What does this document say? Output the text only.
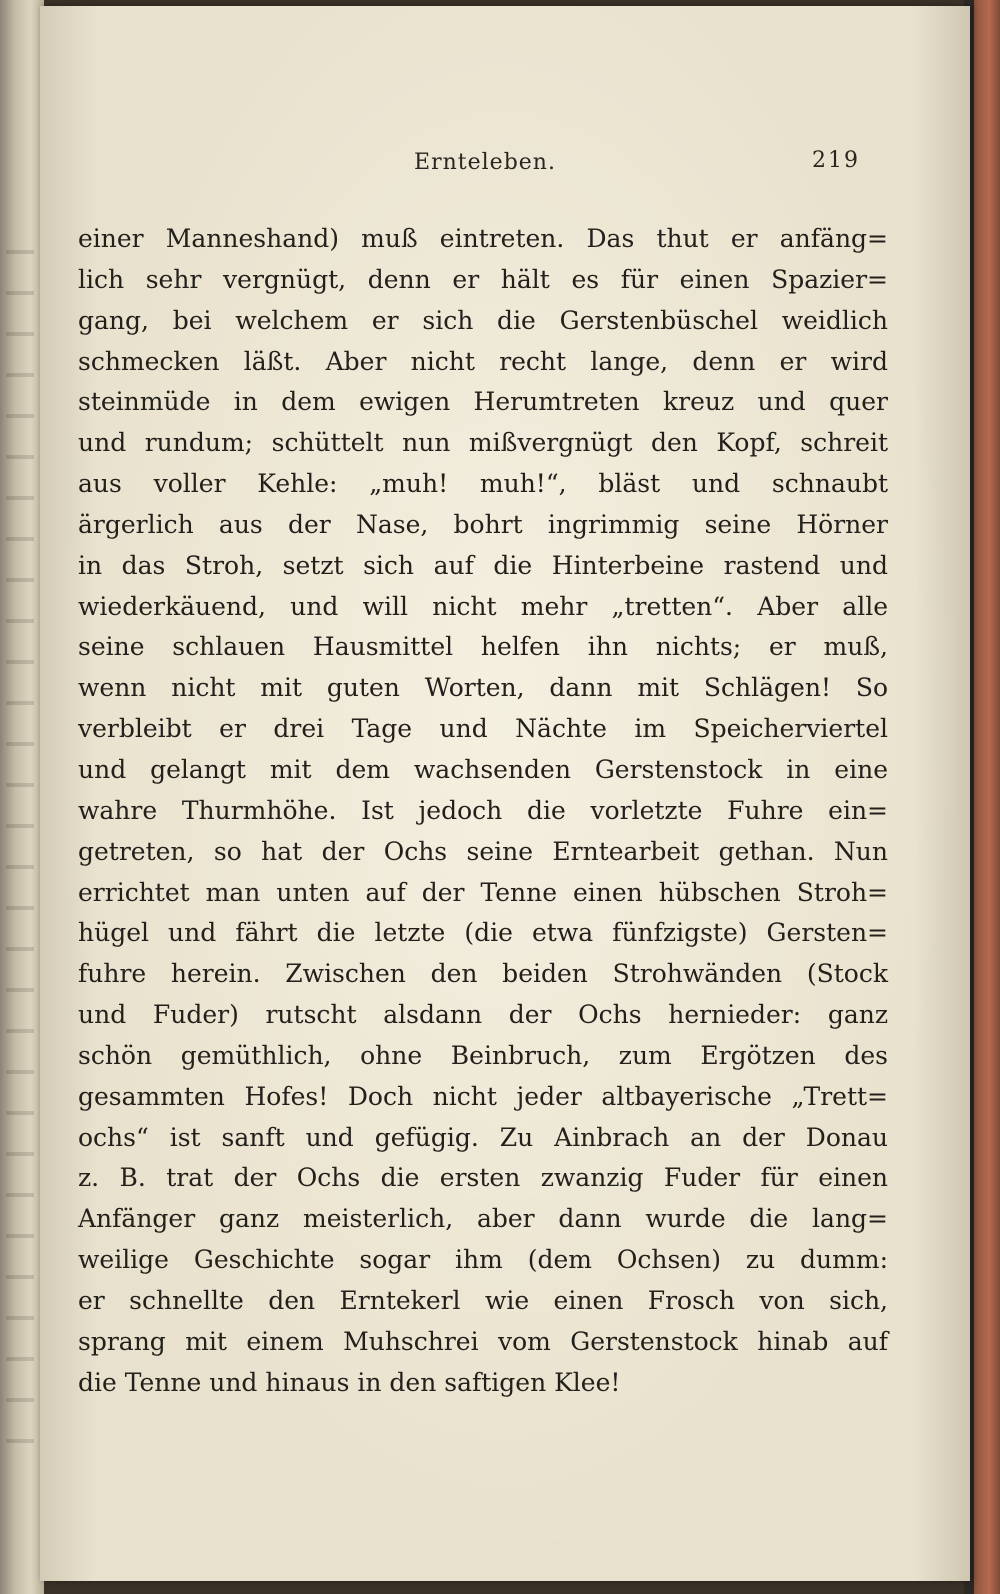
Ernteleben.	219
einer Manneshand) muß eintreten. Das thut er anfäng=
lich sehr vergnügt, denn er hält es für einen Spazier=
gang, bei welchem er sich die Gerstenbüschel weidlich
schmecken läßt. Aber nicht recht lange, denn er wird
steinmüde in dem ewigen Herumtreten kreuz und quer
und rundum; schüttelt nun mißvergnügt den Kopf, schreit
aus voller Kehle: „muh! muh!“, bläst und schnaubt
ärgerlich aus der Nase, bohrt ingrimmig seine Hörner
in das Stroh, setzt sich auf die Hinterbeine rastend und
wiederkäuend, und will nicht mehr „tretten“. Aber alle
seine schlauen Hausmittel helfen ihn nichts; er muß,
wenn nicht mit guten Worten, dann mit Schlägen! So
verbleibt er drei Tage und Nächte im Speicherviertel
und gelangt mit dem wachsenden Gerstenstock in eine
wahre Thurmhöhe. Ist jedoch die vorletzte Fuhre ein=
getreten, so hat der Ochs seine Erntearbeit gethan. Nun
errichtet man unten auf der Tenne einen hübschen Stroh=
hügel und fährt die letzte (die etwa fünfzigste) Gersten=
fuhre herein. Zwischen den beiden Strohwänden (Stock
und Fuder) rutscht alsdann der Ochs hernieder: ganz
schön gemüthlich, ohne Beinbruch, zum Ergötzen des
gesammten Hofes! Doch nicht jeder altbayerische „Trett=
ochs“ ist sanft und gefügig. Zu Ainbrach an der Donau
z. B. trat der Ochs die ersten zwanzig Fuder für einen
Anfänger ganz meisterlich, aber dann wurde die lang=
weilige Geschichte sogar ihm (dem Ochsen) zu dumm:
er schnellte den Erntekerl wie einen Frosch von sich,
sprang mit einem Muhschrei vom Gerstenstock hinab auf
die Tenne und hinaus in den saftigen Klee!
